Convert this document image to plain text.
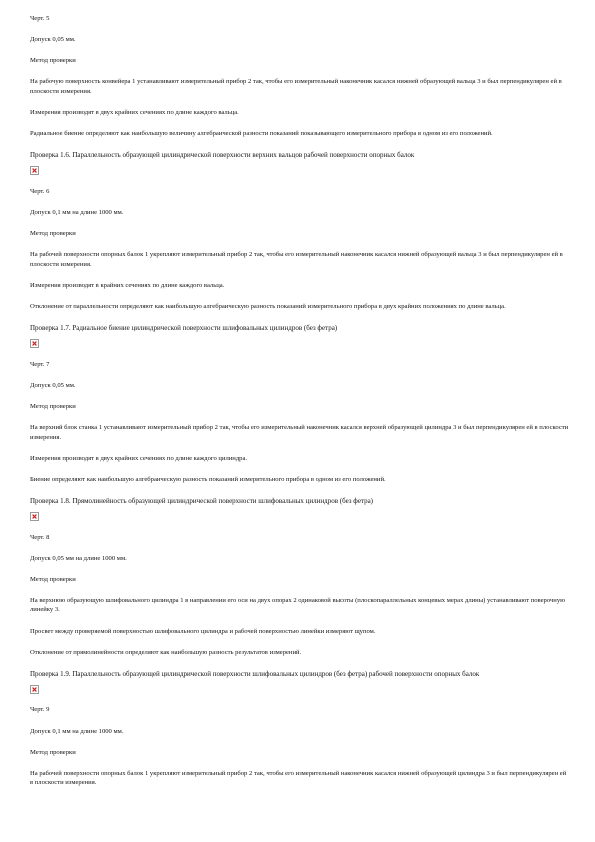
Черт. 5
Допуск 0,05 мм.
Метод проверки
На рабочую поверхность конвейера 1 устанавливают измерительный прибор 2 так, чтобы его измерительный наконечник касался нижней образующей вальца 3 и был перпендикулярен ей в плоскости измерения.
Измерения производят в двух крайних сечениях по длине каждого вальца.
Радиальное биение определяют как наибольшую величину алгебраической разности показаний показывающего измерительного прибора в одном из его положений.
Проверка 1.6. Параллельность образующей цилиндрической поверхности верхних вальцов рабочей поверхности опорных балок
Черт. 6
Допуск 0,1 мм на длине 1000 мм.
Метод проверки
На рабочей поверхности опорных балок 1 укрепляют измерительный прибор 2 так, чтобы его измерительный наконечник касался нижней образующей вальца 3 и был перпендикулярен ей в плоскости измерения.
Измерения производят в крайних сечениях по длине каждого вальца.
Отклонение от параллельности определяют как наибольшую алгебраическую разность показаний измерительного прибора в двух крайних положениях по длине вальца.
Проверка 1.7. Радиальное биение цилиндрической поверхности шлифовальных цилиндров (без фетра)
Черт. 7
Допуск 0,05 мм.
Метод проверки
На верхний блок станка 1 устанавливают измерительный прибор 2 так, чтобы его измерительный наконечник касался верхней образующей цилиндра 3 и был перпендикулярен ей в плоскости измерения.
Измерения производят в двух крайних сечениях по длине каждого цилиндра.
Биение определяют как наибольшую алгебраическую разность показаний измерительного прибора в одном из его положений.
Проверка 1.8. Прямолинейность образующей цилиндрической поверхности шлифовальных цилиндров (без фетра)
Черт. 8
Допуск 0,05 мм на длине 1000 мм.
Метод проверки
На верхнюю образующую шлифовального цилиндра 1 в направлении его оси на двух опорах 2 одинаковой высоты (плоскопараллельных концевых мерах длины) устанавливают поверочную линейку 3.
Просвет между проверяемой поверхностью шлифовального цилиндра и рабочей поверхностью линейки измеряют щупом.
Отклонение от прямолинейности определяют как наибольшую разность результатов измерений.
Проверка 1.9. Параллельность образующей цилиндрической поверхности шлифовальных цилиндров (без фетра) рабочей поверхности опорных балок
Черт. 9
Допуск 0,1 мм на длине 1000 мм.
Метод проверки
На рабочей поверхности опорных балок 1 укрепляют измерительный прибор 2 так, чтобы его измерительный наконечник касался нижней образующей цилиндра 3 и был перпендикулярен ей в плоскости измерения.
